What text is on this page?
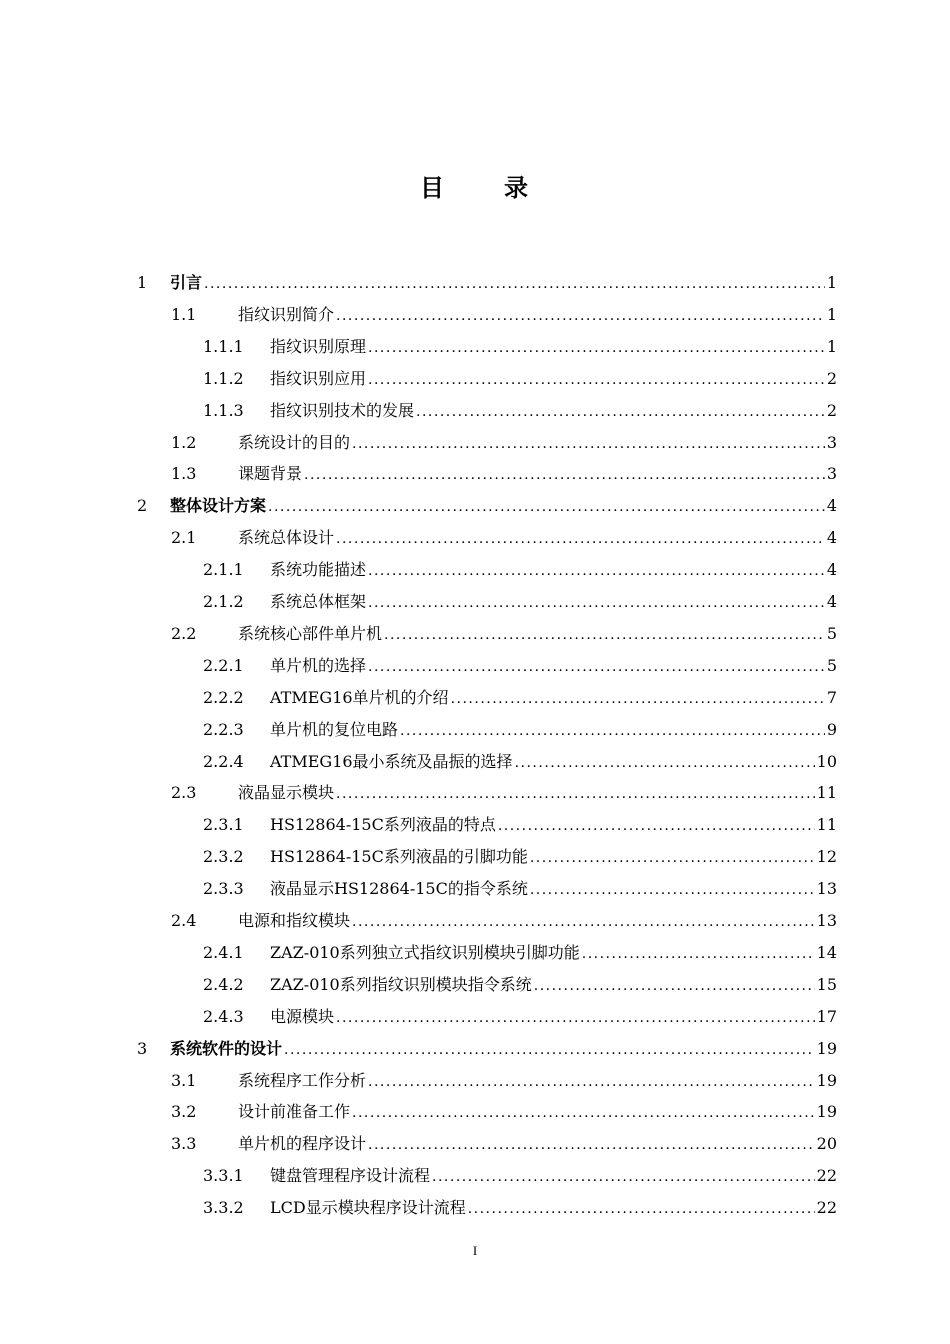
目 录
1	引言 .....	1
1.1	指纹识别简介 .....	1
1.1.1	指纹识别原理 .....	1
1.1.2	指纹识别应用 .....	2
1.1.3	指纹识别技术的发展 .....	2
1.2	系统设计的目的 .....	3
1.3	课题背景 .....	3
2	整体设计方案 .....	4
2.1	系统总体设计 .....	4
2.1.1	系统功能描述 .....	4
2.1.2	系统总体框架 .....	4
2.2	系统核心部件单片机 .....	5
2.2.1	单片机的选择 .....	5
2.2.2	ATMEG16单片机的介绍 .....	7
2.2.3	单片机的复位电路 .....	9
2.2.4	ATMEG16最小系统及晶振的选择 .....	10
2.3	液晶显示模块 .....	11
2.3.1	HS12864-15C系列液晶的特点 .....	11
2.3.2	HS12864-15C系列液晶的引脚功能 .....	12
2.3.3	液晶显示HS12864-15C的指令系统 .....	13
2.4	电源和指纹模块 .....	13
2.4.1	ZAZ-010系列独立式指纹识别模块引脚功能 .....	14
2.4.2	ZAZ-010系列指纹识别模块指令系统 .....	15
2.4.3	电源模块 .....	17
3	系统软件的设计 .....	19
3.1	系统程序工作分析 .....	19
3.2	设计前准备工作 .....	19
3.3	单片机的程序设计 .....	20
3.3.1	键盘管理程序设计流程 .....	22
3.3.2	LCD显示模块程序设计流程 .....	22
I
